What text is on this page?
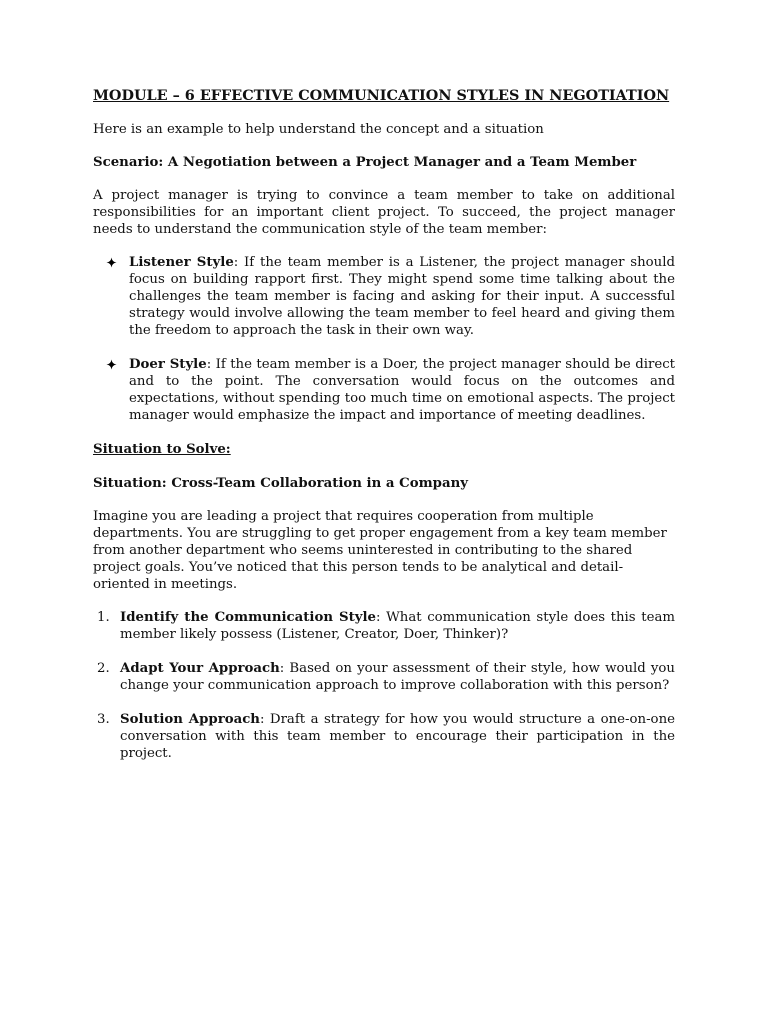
MODULE – 6 EFFECTIVE COMMUNICATION STYLES IN NEGOTIATION

Here is an example to help understand the concept and a situation

Scenario: A Negotiation between a Project Manager and a Team Member

A project manager is trying to convince a team member to take on additional responsibilities for an important client project. To succeed, the project manager needs to understand the communication style of the team member:

Listener Style: If the team member is a Listener, the project manager should focus on building rapport first. They might spend some time talking about the challenges the team member is facing and asking for their input. A successful strategy would involve allowing the team member to feel heard and giving them the freedom to approach the task in their own way.
Doer Style: If the team member is a Doer, the project manager should be direct and to the point. The conversation would focus on the outcomes and expectations, without spending too much time on emotional aspects. The project manager would emphasize the impact and importance of meeting deadlines.

Situation to Solve:

Situation: Cross-Team Collaboration in a Company

Imagine you are leading a project that requires cooperation from multiple departments. You are struggling to get proper engagement from a key team member from another department who seems uninterested in contributing to the shared project goals. You’ve noticed that this person tends to be analytical and detail-oriented in meetings.

1. Identify the Communication Style: What communication style does this team member likely possess (Listener, Creator, Doer, Thinker)?
2. Adapt Your Approach: Based on your assessment of their style, how would you change your communication approach to improve collaboration with this person?
3. Solution Approach: Draft a strategy for how you would structure a one-on-one conversation with this team member to encourage their participation in the project.
